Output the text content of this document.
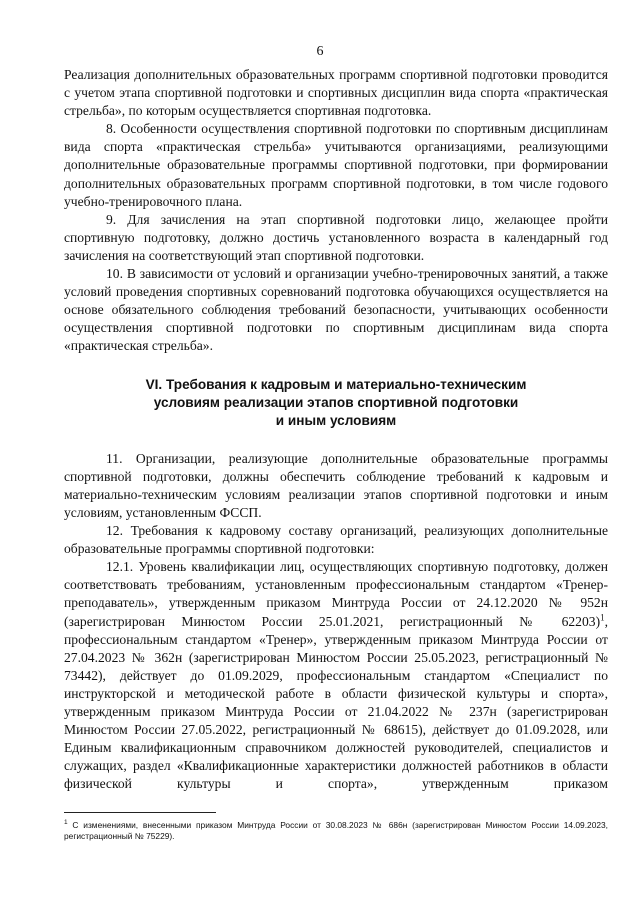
6

Реализация дополнительных образовательных программ спортивной подготовки проводится с учетом этапа спортивной подготовки и спортивных дисциплин вида спорта «практическая стрельба», по которым осуществляется спортивная подготовка.

8. Особенности осуществления спортивной подготовки по спортивным дисциплинам вида спорта «практическая стрельба» учитываются организациями, реализующими дополнительные образовательные программы спортивной подготовки, при формировании дополнительных образовательных программ спортивной подготовки, в том числе годового учебно-тренировочного плана.

9. Для зачисления на этап спортивной подготовки лицо, желающее пройти спортивную подготовку, должно достичь установленного возраста в календарный год зачисления на соответствующий этап спортивной подготовки.

10. В зависимости от условий и организации учебно-тренировочных занятий, а также условий проведения спортивных соревнований подготовка обучающихся осуществляется на основе обязательного соблюдения требований безопасности, учитывающих особенности осуществления спортивной подготовки по спортивным дисциплинам вида спорта «практическая стрельба».

VI. Требования к кадровым и материально-техническим
условиям реализации этапов спортивной подготовки
и иным условиям

11. Организации, реализующие дополнительные образовательные программы спортивной подготовки, должны обеспечить соблюдение требований к кадровым и материально-техническим условиям реализации этапов спортивной подготовки и иным условиям, установленным ФССП.

12. Требования к кадровому составу организаций, реализующих дополнительные образовательные программы спортивной подготовки:

12.1. Уровень квалификации лиц, осуществляющих спортивную подготовку, должен соответствовать требованиям, установленным профессиональным стандартом «Тренер-преподаватель», утвержденным приказом Минтруда России от 24.12.2020 № 952н (зарегистрирован Минюстом России 25.01.2021, регистрационный № 62203)$^1$, профессиональным стандартом «Тренер», утвержденным приказом Минтруда России от 27.04.2023 № 362н (зарегистрирован Минюстом России 25.05.2023, регистрационный № 73442), действует до 01.09.2029, профессиональным стандартом «Специалист по инструкторской и методической работе в области физической культуры и спорта», утвержденным приказом Минтруда России от 21.04.2022 № 237н (зарегистрирован Минюстом России 27.05.2022, регистрационный № 68615), действует до 01.09.2028, или Единым квалификационным справочником должностей руководителей, специалистов и служащих, раздел «Квалификационные характеристики должностей работников в области физической культуры и спорта», утвержденным приказом

$^1$ С изменениями, внесенными приказом Минтруда России от 30.08.2023 № 686н (зарегистрирован Минюстом России 14.09.2023, регистрационный № 75229).
